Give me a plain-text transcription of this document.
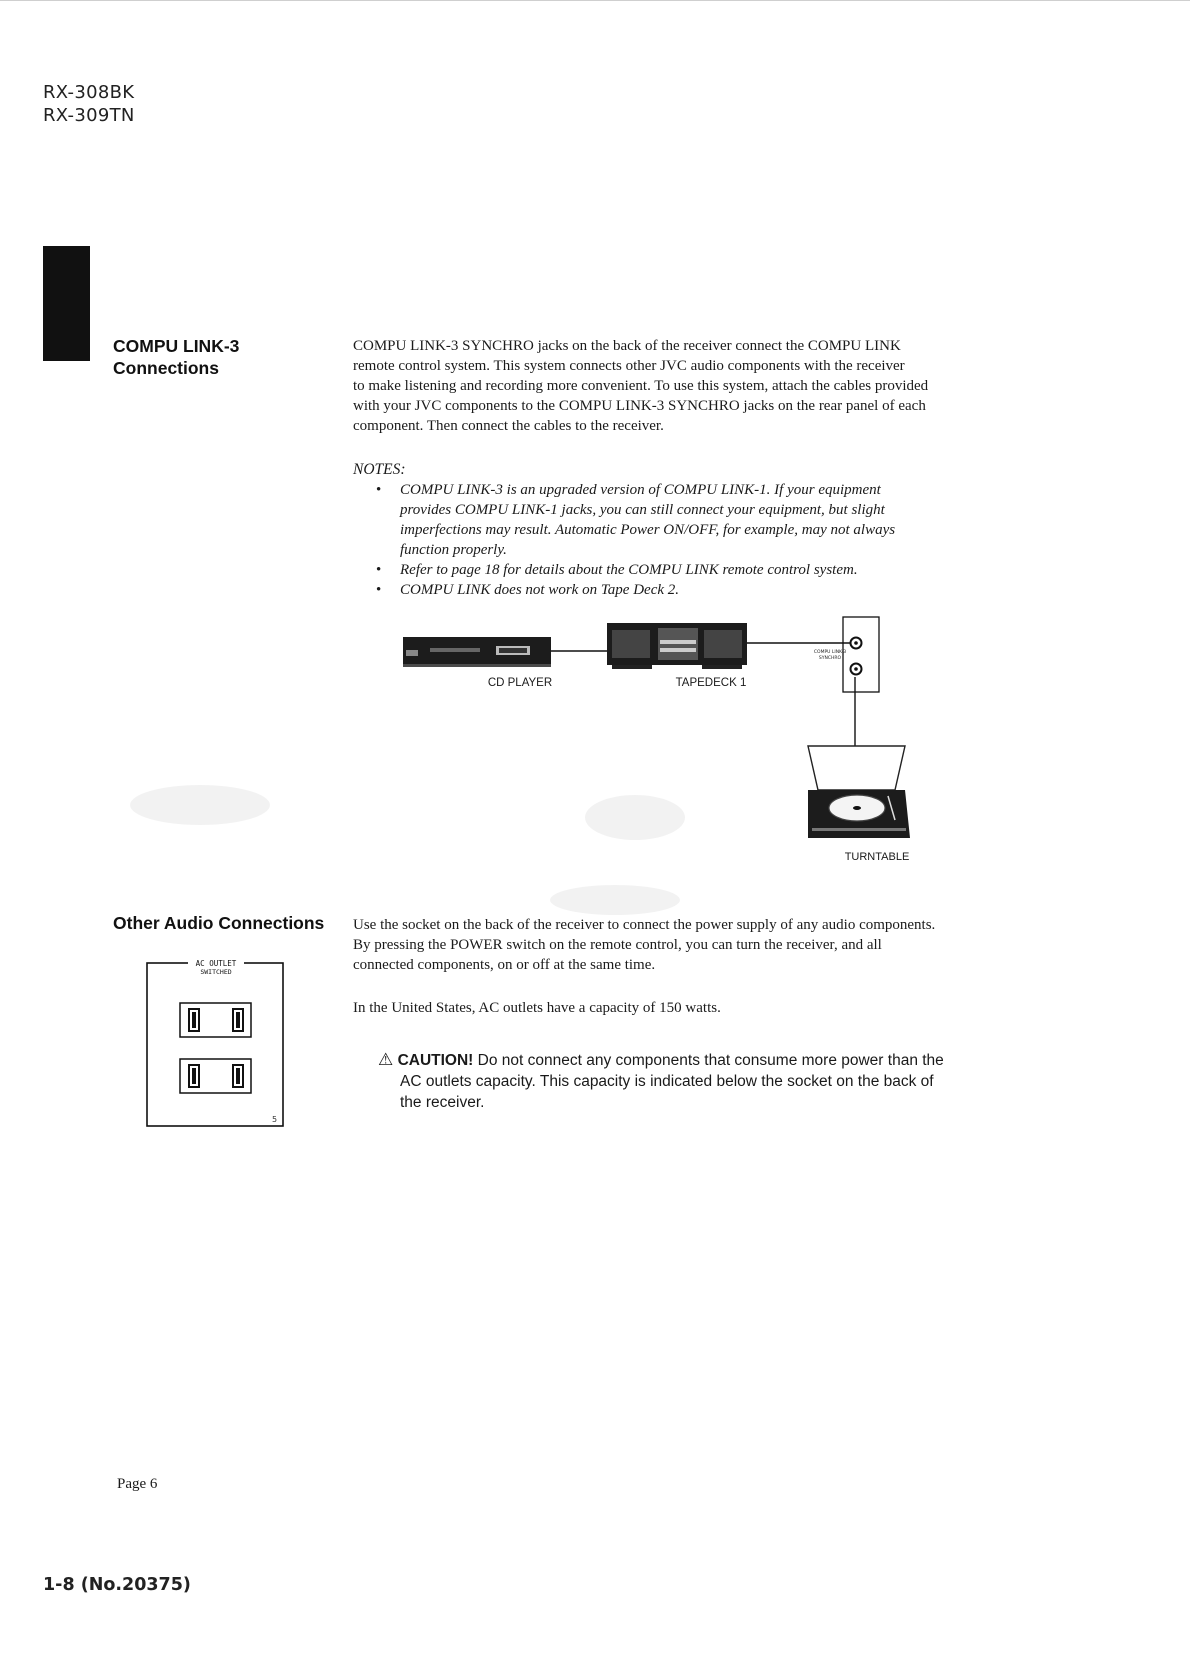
RX-308BK
RX-309TN
COMPU LINK-3
Connections
COMPU LINK-3 SYNCHRO jacks on the back of the receiver connect the COMPU LINK
remote control system. This system connects other JVC audio components with the receiver
to make listening and recording more convenient. To use this system, attach the cables provided
with your JVC components to the COMPU LINK-3 SYNCHRO jacks on the rear panel of each
component. Then connect the cables to the receiver.
NOTES:
• COMPU LINK-3 is an upgraded version of COMPU LINK-1. If your equipment
provides COMPU LINK-1 jacks, you can still connect your equipment, but slight
imperfections may result. Automatic Power ON/OFF, for example, may not always
function properly.
• Refer to page 18 for details about the COMPU LINK remote control system.
• COMPU LINK does not work on Tape Deck 2.
COMPU LINK-3
SYNCHRO
CD PLAYER	TAPEDECK 1
TURNTABLE
Other Audio Connections
AC OUTLET
SWITCHED
5
Use the socket on the back of the receiver to connect the power supply of any audio components.
By pressing the POWER switch on the remote control, you can turn the receiver, and all
connected components, on or off at the same time.
In the United States, AC outlets have a capacity of 150 watts.
⚠ CAUTION! Do not connect any components that consume more power than the
AC outlets capacity. This capacity is indicated below the socket on the back of
the receiver.
Page 6
1-8 (No.20375)
